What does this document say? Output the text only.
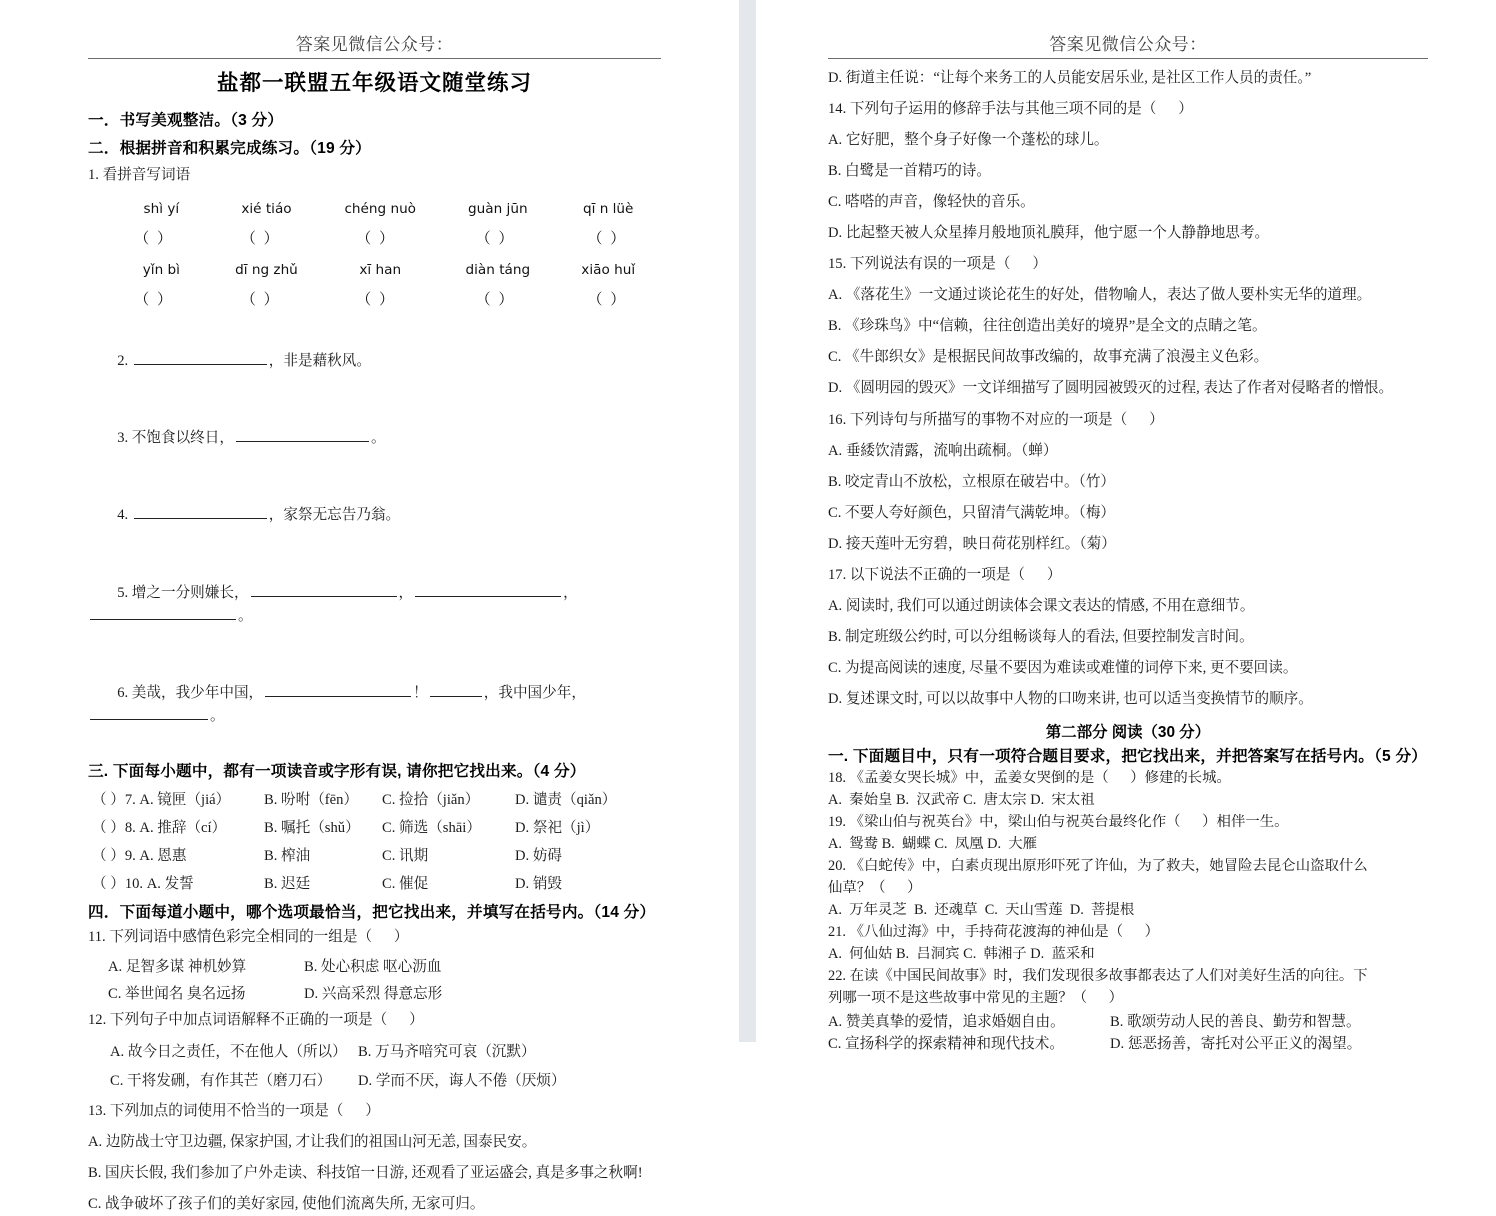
答案见微信公众号：
盐都一联盟五年级语文随堂练习
一．书写美观整洁。（3 分）
二．根据拼音和积累完成练习。（19 分）
1. 看拼音写词语
shì yí	xié tiáo	chéng nuò	guàn jūn	qī n lüè
（ ）	（ ）	（ ）	（ ）	（ ）
yǐn bì	dī ng zhǔ	xī han	diàn táng	xiāo huǐ
（ ）	（ ）	（ ）	（ ）	（ ）

2.	，非是藉秋风。

3. 不饱食以终日，	。

4.	，家祭无忘告乃翁。

5. 增之一分则嫌长，	，	，。

6. 美哉，我少年中国，	！	，我中国少年，。

三. 下面每小题中，都有一项读音或字形有误, 请你把它找出来。（4 分）
（ ）7. A. 镜匣（jiá）	B. 吩咐（fēn）	C. 捡拾（jiǎn）	D. 谴责（qiǎn）
（ ）8. A. 推辞（cí）	B. 嘱托（shǔ）	C. 筛选（shāi）	D. 祭祀（jì）
（ ）9. A. 恩惠	B. 榨油	C. 讯期	D. 妨碍
（ ）10. A. 发誓	B. 迟廷	C. 催促	D. 销毁
四．下面每道小题中，哪个选项最恰当，把它找出来，并填写在括号内。（14 分）
11. 下列词语中感情色彩完全相同的一组是（      ）
A. 足智多谋 神机妙算	B. 处心积虑 呕心沥血
C. 举世闻名 臭名远扬	D. 兴高采烈 得意忘形
12. 下列句子中加点词语解释不正确的一项是（      ）
A. 故今日之责任，不在他人（所以） B. 万马齐喑究可哀（沉默）
C. 干将发硎，有作其芒（磨刀石）	D. 学而不厌，诲人不倦（厌烦）
13. 下列加点的词使用不恰当的一项是（      ）
A. 边防战士守卫边疆, 保家护国, 才让我们的祖国山河无恙, 国泰民安。
B. 国庆长假, 我们参加了户外走读、科技馆一日游, 还观看了亚运盛会, 真是多事之秋啊!
C. 战争破坏了孩子们的美好家园, 使他们流离失所, 无家可归。
答案见微信公众号：
D. 街道主任说：“让每个来务工的人员能安居乐业, 是社区工作人员的责任。”
14. 下列句子运用的修辞手法与其他三项不同的是（      ）
A. 它好肥，整个身子好像一个蓬松的球儿。
B. 白鹭是一首精巧的诗。
C. 嗒嗒的声音，像轻快的音乐。
D. 比起整天被人众星捧月般地顶礼膜拜，他宁愿一个人静静地思考。
15. 下列说法有误的一项是（      ）
A. 《落花生》一文通过谈论花生的好处，借物喻人，表达了做人要朴实无华的道理。
B. 《珍珠鸟》中“信赖，往往创造出美好的境界”是全文的点睛之笔。
C. 《牛郎织女》是根据民间故事改编的，故事充满了浪漫主义色彩。
D. 《圆明园的毁灭》一文详细描写了圆明园被毁灭的过程, 表达了作者对侵略者的憎恨。
16. 下列诗句与所描写的事物不对应的一项是（      ）
A. 垂緌饮清露，流响出疏桐。（蝉）
B. 咬定青山不放松，立根原在破岩中。（竹）
C. 不要人夸好颜色，只留清气满乾坤。（梅）
D. 接天莲叶无穷碧，映日荷花别样红。（菊）
17. 以下说法不正确的一项是（      ）
A. 阅读时, 我们可以通过朗读体会课文表达的情感, 不用在意细节。
B. 制定班级公约时, 可以分组畅谈每人的看法, 但要控制发言时间。
C. 为提高阅读的速度, 尽量不要因为难读或难懂的词停下来, 更不要回读。
D. 复述课文时, 可以以故事中人物的口吻来讲, 也可以适当变换情节的顺序。
第二部分 阅读（30 分）
一. 下面题目中，只有一项符合题目要求，把它找出来，并把答案写在括号内。（5 分）
18. 《孟姜女哭长城》中，孟姜女哭倒的是（      ）修建的长城。
A.  秦始皇 B.  汉武帝 C.  唐太宗 D.  宋太祖
19. 《梁山伯与祝英台》中，梁山伯与祝英台最终化作（      ）相伴一生。
A.  鸳鸯 B.  蝴蝶 C.  凤凰 D.  大雁
20. 《白蛇传》中，白素贞现出原形吓死了许仙，为了救夫，她冒险去昆仑山盗取什么
仙草？（      ）
A.  万年灵芝  B.  还魂草  C.  天山雪莲  D.  菩提根
21. 《八仙过海》中，手持荷花渡海的神仙是（      ）
A.  何仙姑 B.  吕洞宾 C.  韩湘子 D.  蓝采和
22. 在读《中国民间故事》时，我们发现很多故事都表达了人们对美好生活的向往。下
列哪一项不是这些故事中常见的主题？（      ）
A. 赞美真挚的爱情，追求婚姻自由。	B. 歌颂劳动人民的善良、勤劳和智慧。
C. 宣扬科学的探索精神和现代技术。	D. 惩恶扬善，寄托对公平正义的渴望。
